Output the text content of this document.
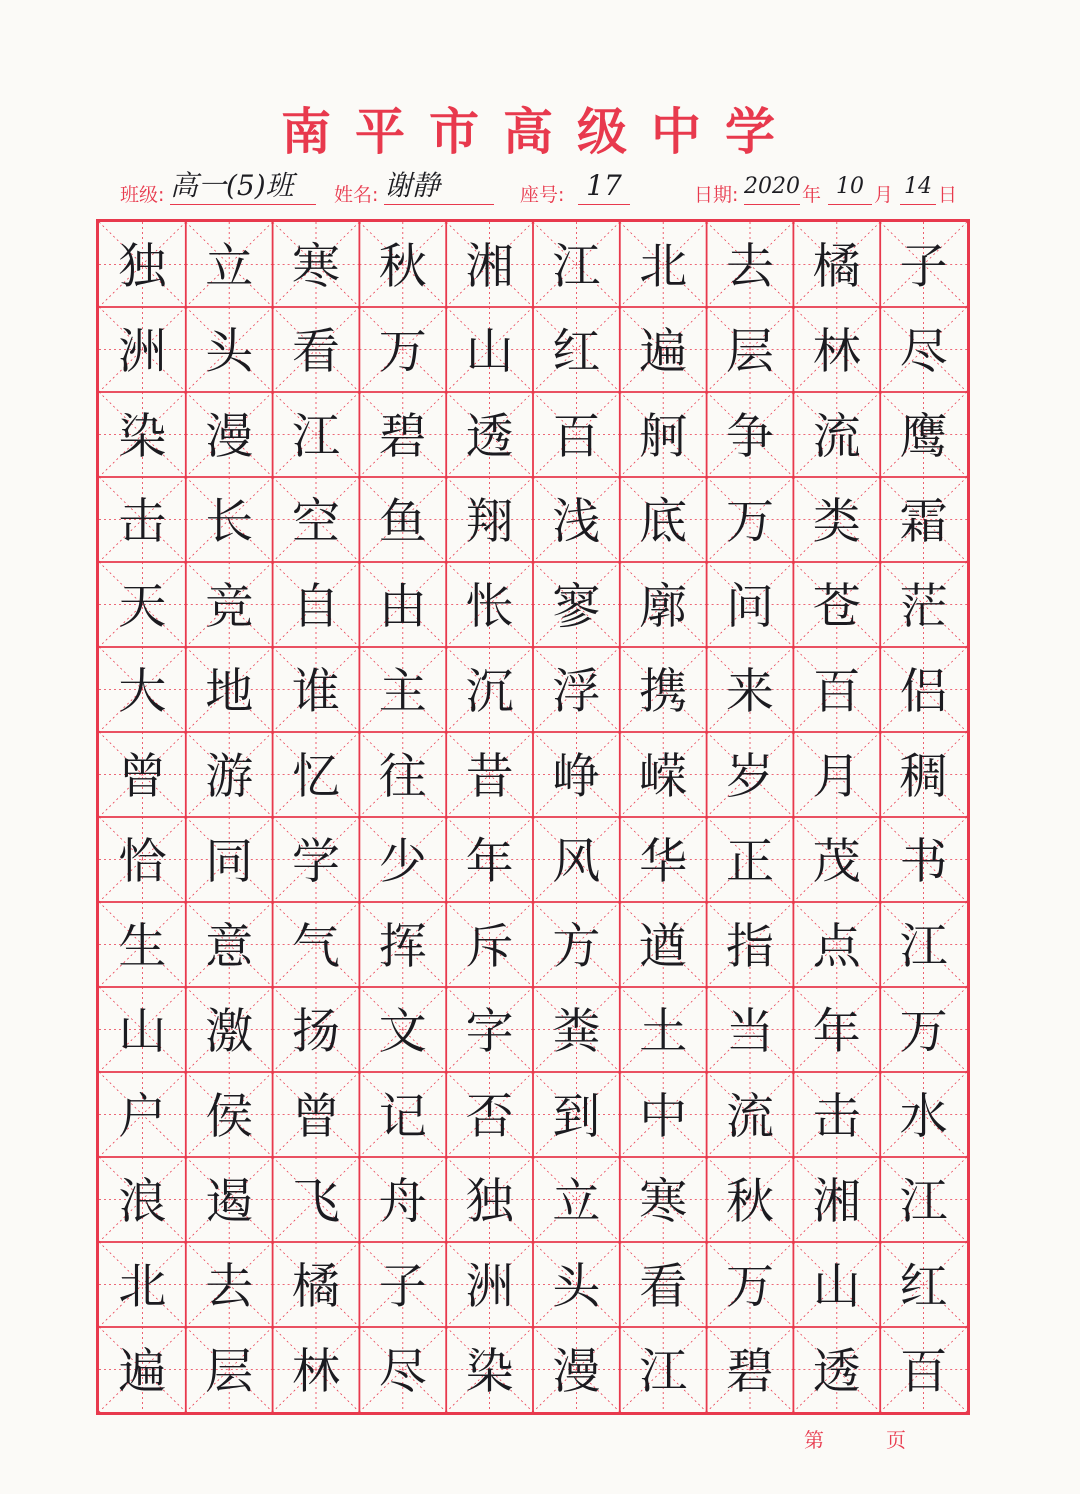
南平市高级中学
班级: 高一(5)班	姓名: 谢静	座号: 17	日期: 2020 年 10 月 14 日
独 立 寒 秋 湘 江 北 去 橘 子
洲 头 看 万 山 红 遍 层 林 尽
染 漫 江 碧 透 百 舸 争 流 鹰
击 长 空 鱼 翔 浅 底 万 类 霜
天 竞 自 由 怅 寥 廓 问 苍 茫
大 地 谁 主 沉 浮 携 来 百 侣
曾 游 忆 往 昔 峥 嵘 岁 月 稠
恰 同 学 少 年 风 华 正 茂 书
生 意 气 挥 斥 方 遒 指 点 江
山 激 扬 文 字 粪 土 当 年 万
户 侯 曾 记 否 到 中 流 击 水
浪 遏 飞 舟 独 立 寒 秋 湘 江
北 去 橘 子 洲 头 看 万 山 红
遍 层 林 尽 染 漫 江 碧 透 百
第	页
